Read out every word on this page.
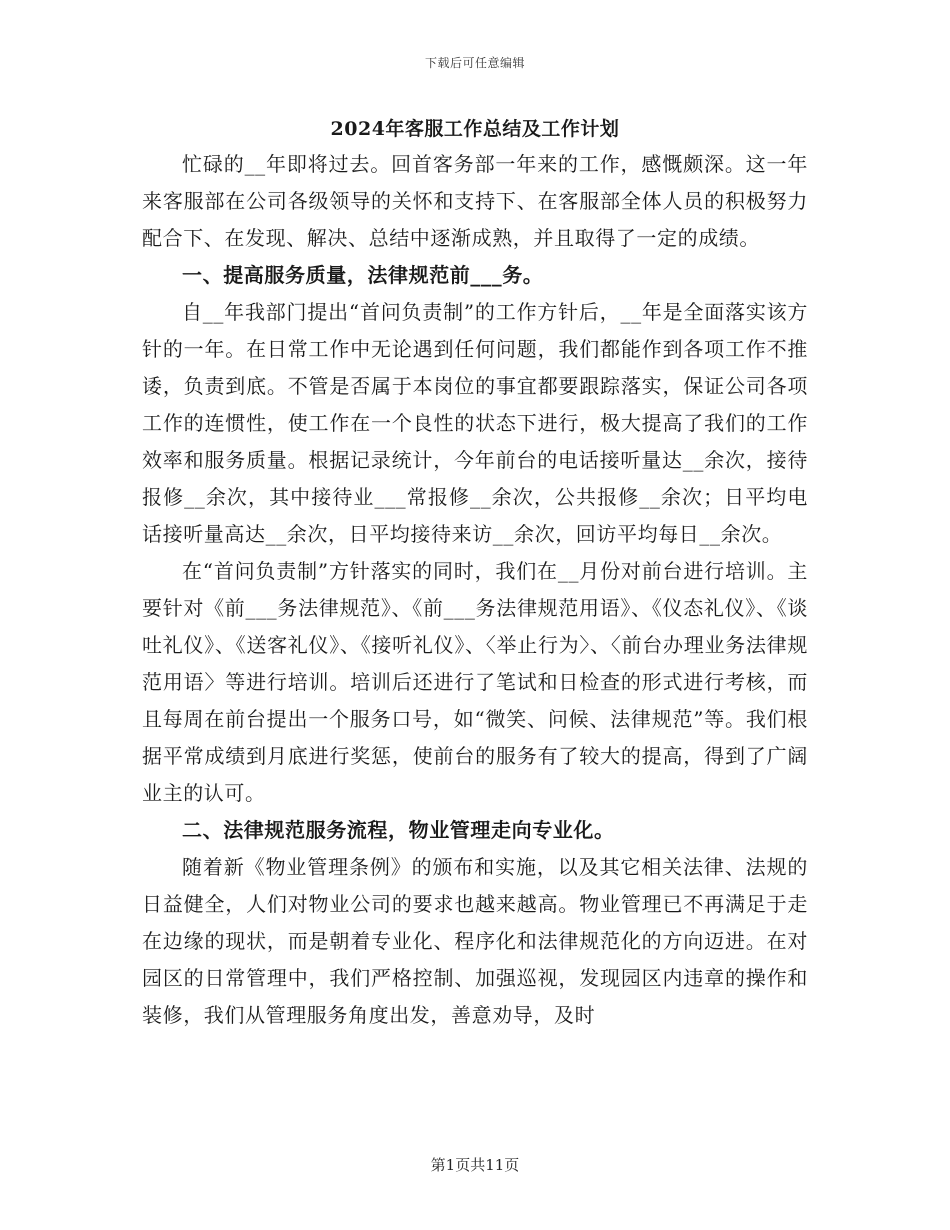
下载后可任意编辑
2024年客服工作总结及工作计划

忙碌的__年即将过去。回首客务部一年来的工作，感慨颇深。这一年来客服部在公司各级领导的关怀和支持下、在客服部全体人员的积极努力配合下、在发现、解决、总结中逐渐成熟，并且取得了一定的成绩。

一、提高服务质量，法律规范前___务。

自__年我部门提出“首问负责制”的工作方针后，__年是全面落实该方针的一年。在日常工作中无论遇到任何问题，我们都能作到各项工作不推诿，负责到底。不管是否属于本岗位的事宜都要跟踪落实，保证公司各项工作的连惯性，使工作在一个良性的状态下进行，极大提高了我们的工作效率和服务质量。根据记录统计，今年前台的电话接听量达__余次，接待报修__余次，其中接待业___常报修__余次，公共报修__余次；日平均电话接听量高达__余次，日平均接待来访__余次，回访平均每日__余次。

在“首问负责制”方针落实的同时，我们在__月份对前台进行培训。主要针对《前___务法律规范》、《前___务法律规范用语》、《仪态礼仪》、《谈吐礼仪》、《送客礼仪》、《接听礼仪》、〈举止行为〉、〈前台办理业务法律规范用语〉等进行培训。培训后还进行了笔试和日检查的形式进行考核，而且每周在前台提出一个服务口号，如“微笑、问候、法律规范”等。我们根据平常成绩到月底进行奖惩，使前台的服务有了较大的提高，得到了广阔业主的认可。

二、法律规范服务流程，物业管理走向专业化。

随着新《物业管理条例》的颁布和实施，以及其它相关法律、法规的日益健全，人们对物业公司的要求也越来越高。物业管理已不再满足于走在边缘的现状，而是朝着专业化、程序化和法律规范化的方向迈进。在对园区的日常管理中，我们严格控制、加强巡视，发现园区内违章的操作和装修，我们从管理服务角度出发，善意劝导，及时

第1页共11页
